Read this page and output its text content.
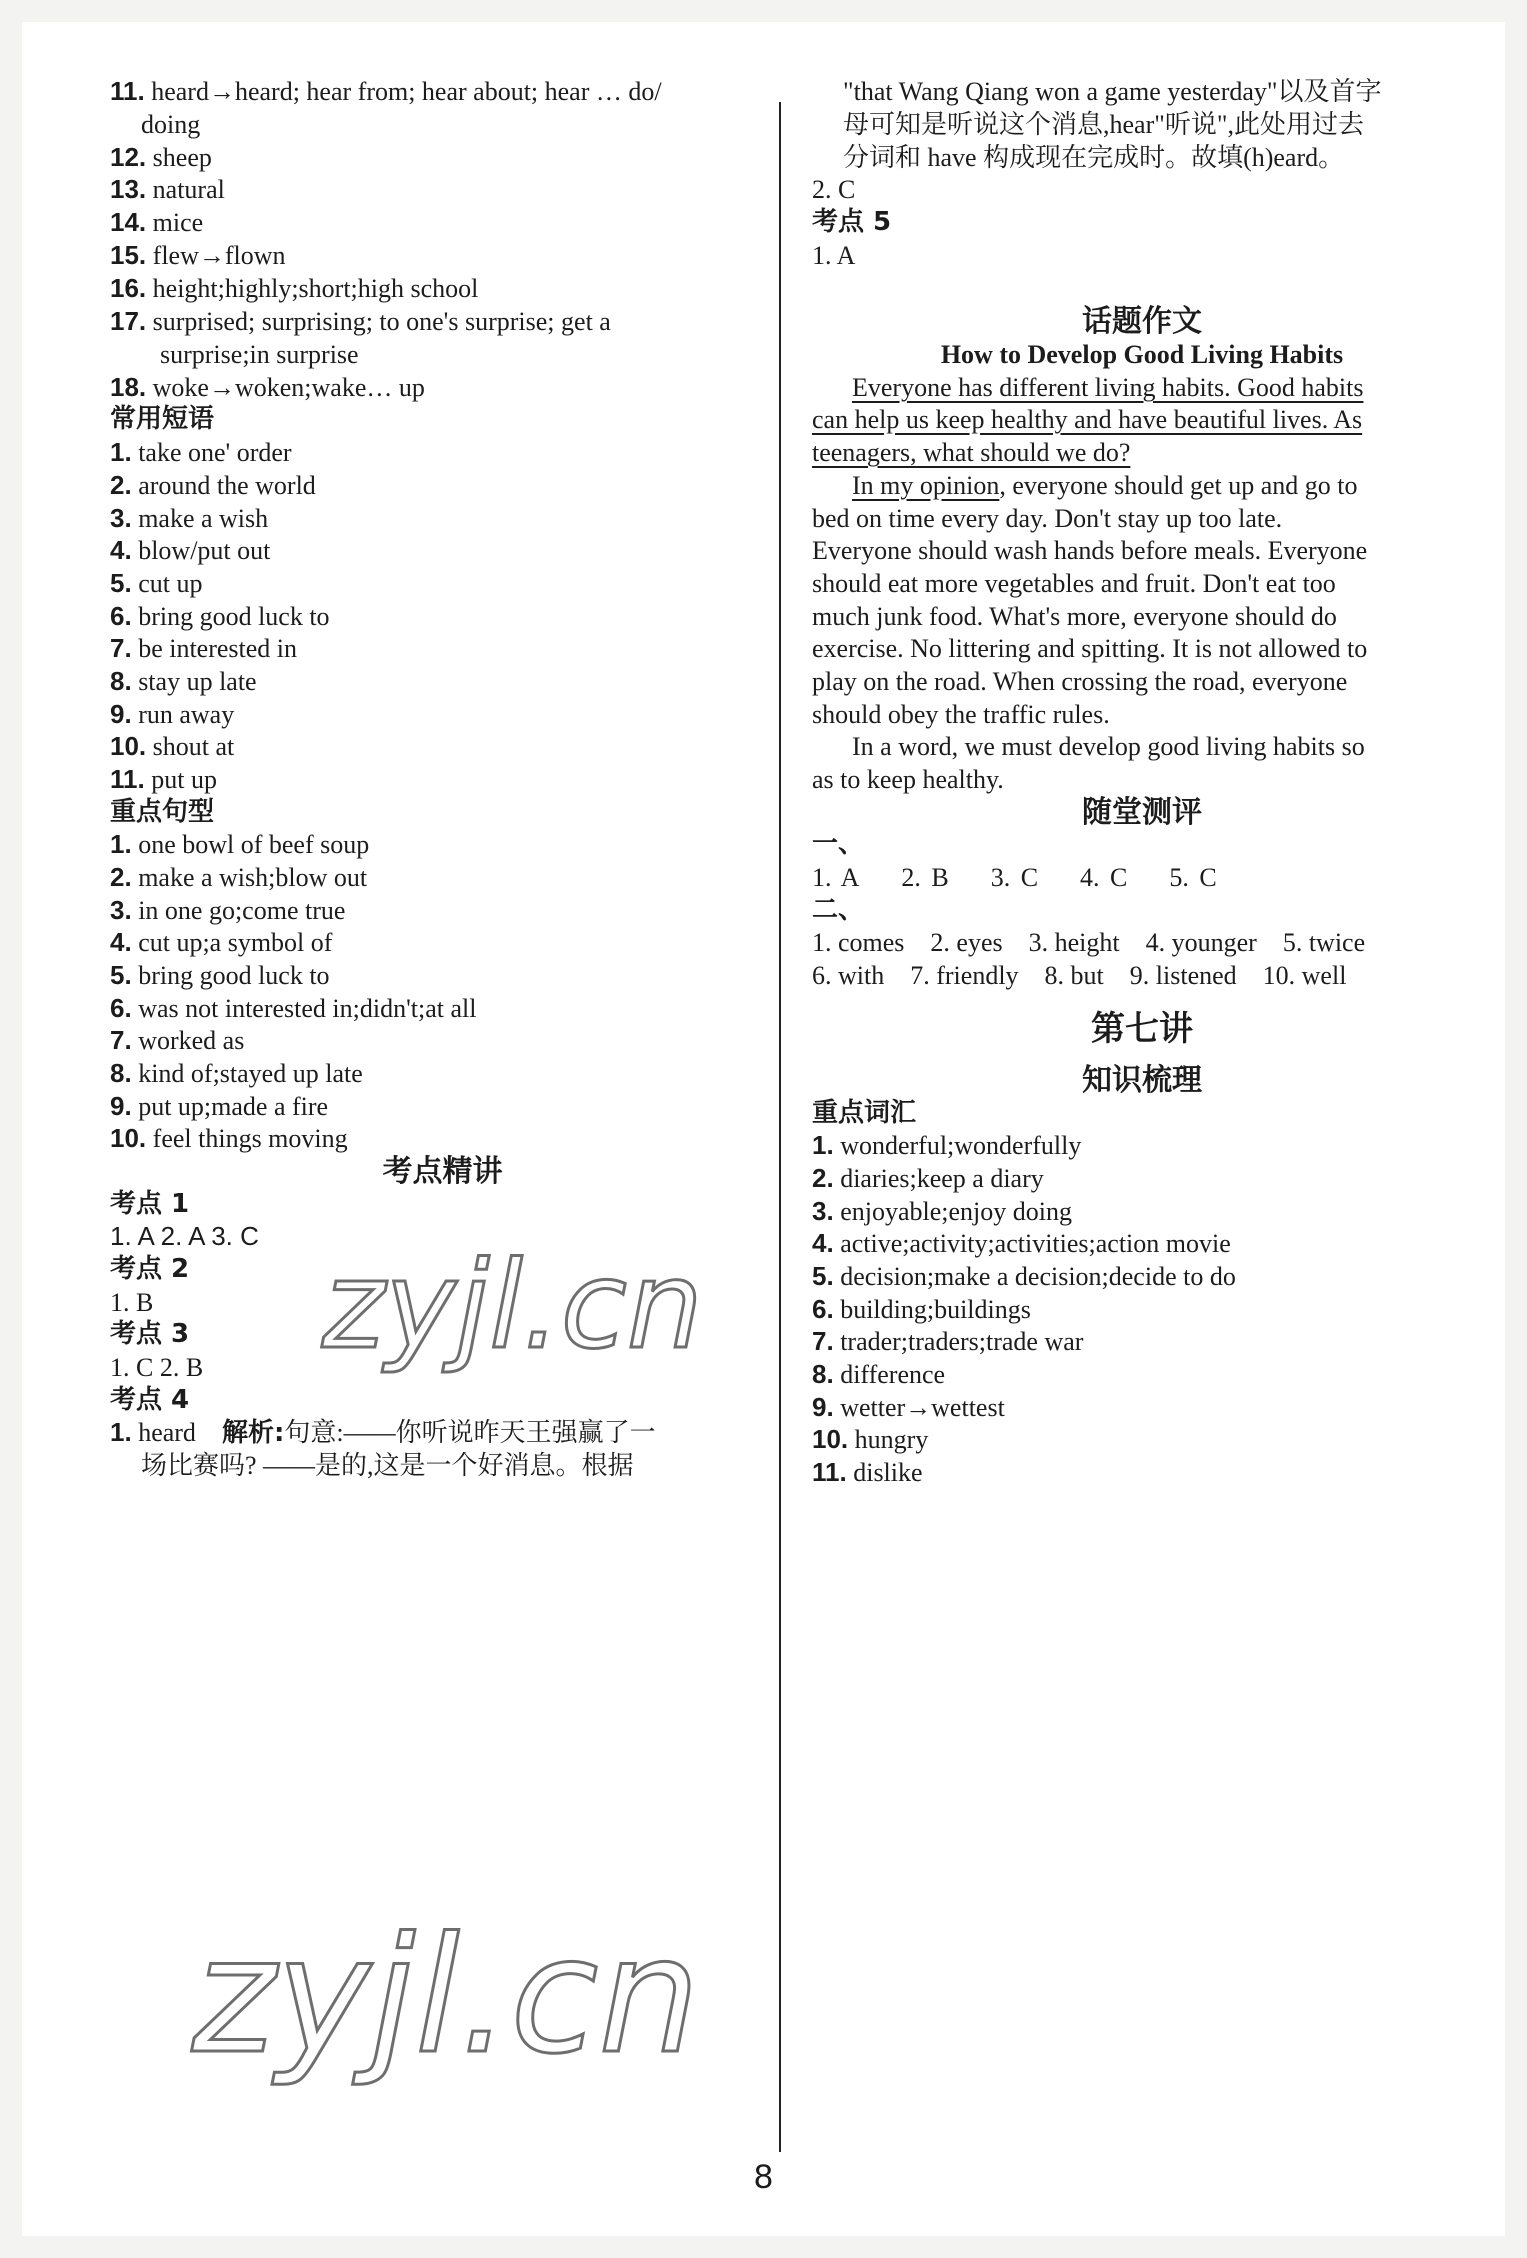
11. heard→heard; hear from; hear about; hear … do/
doing
12. sheep
13. natural
14. mice
15. flew→flown
16. height;highly;short;high school
17. surprised; surprising; to one's surprise; get a
surprise;in surprise
18. woke→woken;wake… up
常用短语
1. take one' order
2. around the world
3. make a wish
4. blow/put out
5. cut up
6. bring good luck to
7. be interested in
8. stay up late
9. run away
10. shout at
11. put up
重点句型
1. one bowl of beef soup
2. make a wish;blow out
3. in one go;come true
4. cut up;a symbol of
5. bring good luck to
6. was not interested in;didn't;at all
7. worked as
8. kind of;stayed up late
9. put up;made a fire
10. feel things moving
考点精讲
考点 1
1. A 2. A 3. C
考点 2
1. B
考点 3
1. C 2. B
考点 4
1. heard 解析:句意:——你听说昨天王强赢了一
场比赛吗? ——是的,这是一个好消息。根据
"that Wang Qiang won a game yesterday"以及首字
母可知是听说这个消息,hear"听说",此处用过去
分词和 have 构成现在完成时。故填(h)eard。
2. C
考点 5
1. A
话题作文
How to Develop Good Living Habits
Everyone has different living habits. Good habits
can help us keep healthy and have beautiful lives. As
teenagers, what should we do?
In my opinion, everyone should get up and go to
bed on time every day. Don't stay up too late.
Everyone should wash hands before meals. Everyone
should eat more vegetables and fruit. Don't eat too
much junk food. What's more, everyone should do
exercise. No littering and spitting. It is not allowed to
play on the road. When crossing the road, everyone
should obey the traffic rules.
In a word, we must develop good living habits so
as to keep healthy.
随堂测评
一、
1. A 2. B 3. C 4. C 5. C
二、
1. comes 2. eyes 3. height 4. younger 5. twice
6. with 7. friendly 8. but 9. listened 10. well
第七讲
知识梳理
重点词汇
1. wonderful;wonderfully
2. diaries;keep a diary
3. enjoyable;enjoy doing
4. active;activity;activities;action movie
5. decision;make a decision;decide to do
6. building;buildings
7. trader;traders;trade war
8. difference
9. wetter→wettest
10. hungry
11. dislike
zyjl.cn
zyjl.cn
8
